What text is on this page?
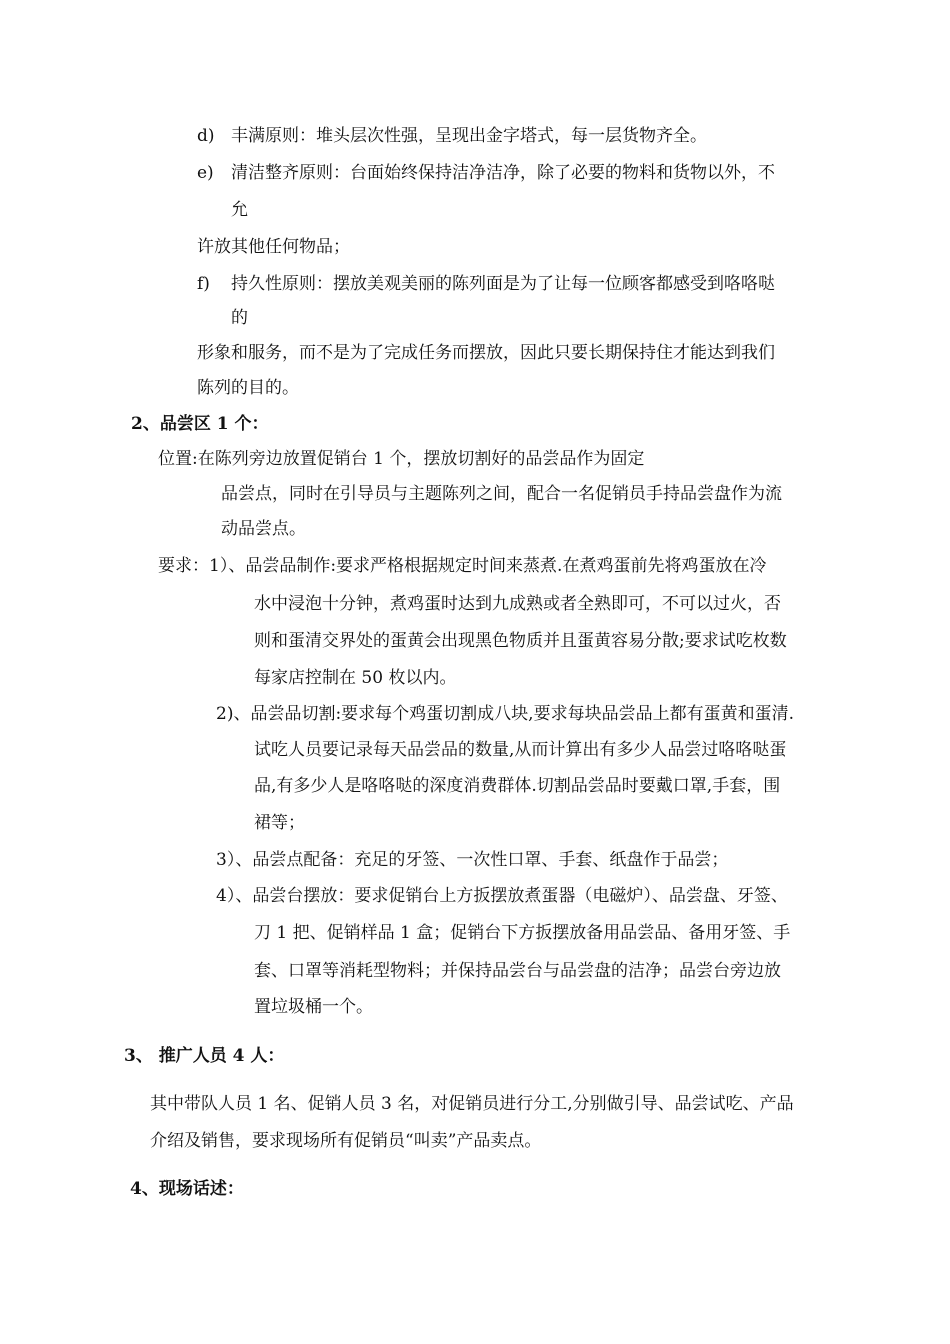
d) 丰满原则：堆头层次性强，呈现出金字塔式，每一层货物齐全。
e) 清洁整齐原则：台面始终保持洁净洁净，除了必要的物料和货物以外，不
允
许放其他任何物品；
f) 持久性原则：摆放美观美丽的陈列面是为了让每一位顾客都感受到咯咯哒
的
形象和服务，而不是为了完成任务而摆放，因此只要长期保持住才能达到我们
陈列的目的。
2、品尝区 1 个：
位置:在陈列旁边放置促销台 1 个，摆放切割好的品尝品作为固定
品尝点，同时在引导员与主题陈列之间，配合一名促销员手持品尝盘作为流
动品尝点。
要求：1）、品尝品制作:要求严格根据规定时间来蒸煮.在煮鸡蛋前先将鸡蛋放在冷
水中浸泡十分钟，煮鸡蛋时达到九成熟或者全熟即可，不可以过火，否
则和蛋清交界处的蛋黄会出现黑色物质并且蛋黄容易分散;要求试吃枚数
每家店控制在 50 枚以内。
2)、品尝品切割:要求每个鸡蛋切割成八块,要求每块品尝品上都有蛋黄和蛋清.
试吃人员要记录每天品尝品的数量,从而计算出有多少人品尝过咯咯哒蛋
品,有多少人是咯咯哒的深度消费群体.切割品尝品时要戴口罩,手套，围
裙等；
3）、品尝点配备：充足的牙签、一次性口罩、手套、纸盘作于品尝；
4）、品尝台摆放：要求促销台上方扳摆放煮蛋器（电磁炉）、品尝盘、牙签、
刀 1 把、促销样品 1 盒；促销台下方扳摆放备用品尝品、备用牙签、手
套、口罩等消耗型物料；并保持品尝台与品尝盘的洁净；品尝台旁边放
置垃圾桶一个。
3、 推广人员 4 人：
其中带队人员 1 名、促销人员 3 名，对促销员进行分工,分别做引导、品尝试吃、产品
介绍及销售，要求现场所有促销员“叫卖”产品卖点。
4、现场话述：
